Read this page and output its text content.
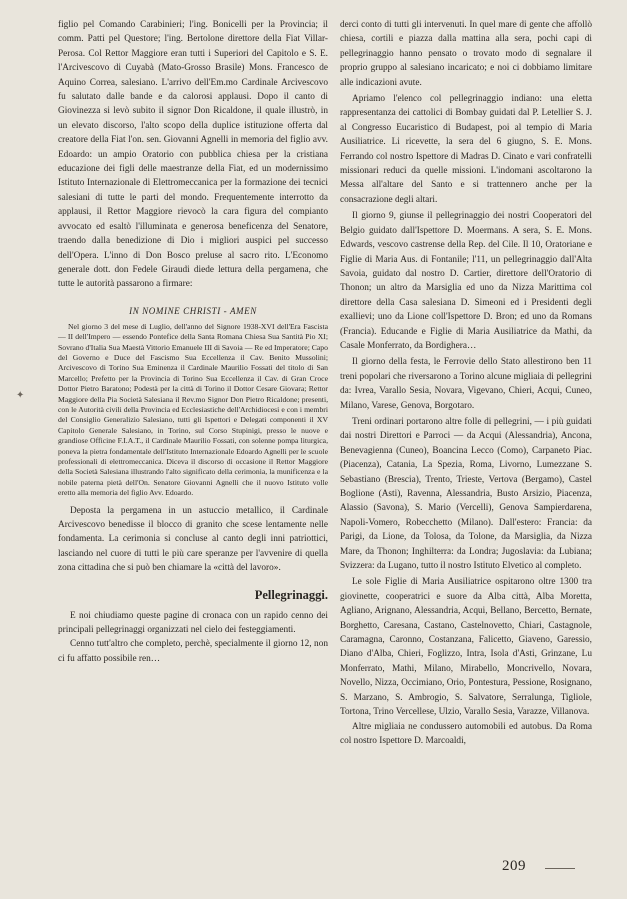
✦

figlio pel Comando Carabinieri; l'ing. Bonicelli per la Provincia; il comm. Patti pel Questore; l'ing. Bertolone direttore della Fiat Villar-Perosa. Col Rettor Maggiore eran tutti i Superiori del Capitolo e S. E. l'Arcivescovo di Cuyabà (Mato-Grosso Brasile) Mons. Francesco de Aquino Correa, salesiano. L'arrivo dell'Em.mo Cardinale Arcivescovo fu salutato dalle bande e da calorosi applausi. Dopo il canto di Giovinezza si levò subito il signor Don Ricaldone, il quale illustrò, in un elevato discorso, l'alto scopo della duplice istituzione offerta dal creatore della Fiat l'on. sen. Giovanni Agnelli in memoria del figlio avv. Edoardo: un ampio Oratorio con pubblica chiesa per la cristiana educazione dei figli delle maestranze della Fiat, ed un modernissimo Istituto Internazionale di Elettromeccanica per la formazione dei tecnici salesiani di tutte le parti del mondo. Frequentemente interrotto da applausi, il Rettor Maggiore rievocò la cara figura del compianto avvocato ed esaltò l'illuminata e generosa beneficenza del Senatore, traendo dalla benedizione di Dio i migliori auspici pel successo dell'Opera. L'inno di Don Bosco preluse al sacro rito. L'Economo generale dott. don Fedele Giraudi diede lettura della pergamena, che tutte le autorità passarono a firmare:

IN NOMINE CHRISTI - AMEN

Nel giorno 3 del mese di Luglio, dell'anno del Signore 1938-XVI dell'Era Fascista — II dell'Impero — essendo Pontefice della Santa Romana Chiesa Sua Santità Pio XI; Sovrano d'Italia Sua Maestà Vittorio Emanuele III di Savoia — Re ed Imperatore; Capo del Governo e Duce del Fascismo Sua Eccellenza il Cav. Benito Mussolini; Arcivescovo di Torino Sua Eminenza il Cardinale Maurilio Fossati del titolo di San Marcello; Prefetto per la Provincia di Torino Sua Eccellenza il Cav. di Gran Croce Dottor Pietro Baratono; Podestà per la città di Torino il Dottor Cesare Giovara; Rettor Maggiore della Pia Società Salesiana il Rev.mo Signor Don Pietro Ricaldone; presenti, con le Autorità civili della Provincia ed Ecclesiastiche dell'Archidiocesi e con i membri del Consiglio Generalizio Salesiano, tutti gli Ispettori e Delegati componenti il XV Capitolo Generale Salesiano, in Torino, sul Corso Stupinigi, presso le nuove e grandiose Officine F.I.A.T., il Cardinale Maurilio Fossati, con solenne pompa liturgica, poneva la pietra fondamentale dell'Istituto Internazionale Edoardo Agnelli per le scuole professionali di elettromeccanica. Diceva il discorso di occasione il Rettor Maggiore della Società Salesiana illustrando l'alto significato della cerimonia, la munificenza e la nobile paterna pietà dell'On. Senatore Giovanni Agnelli che il nuovo Istituto volle eretto alla memoria del figlio Avv. Edoardo.

Deposta la pergamena in un astuccio metallico, il Cardinale Arcivescovo benedisse il blocco di granito che scese lentamente nelle fondamenta. La cerimonia si concluse al canto degli inni patriottici, lasciando nel cuore di tutti le più care speranze per l'avvenire di quella zona cittadina che si può ben chiamare la «città del lavoro».

Pellegrinaggi.

E noi chiudiamo queste pagine di cronaca con un rapido cenno dei principali pellegrinaggi organizzati nel cielo dei festeggiamenti.

Cenno tutt'altro che completo, perchè, specialmente il giorno 12, non ci fu affatto possibile ren…

derci conto di tutti gli intervenuti. In quel mare di gente che affollò chiesa, cortili e piazza dalla mattina alla sera, pochi capi di pellegrinaggio hanno pensato o trovato modo di segnalare il proprio gruppo al salesiano incaricato; e noi ci dobbiamo limitare alle indicazioni avute.

Apriamo l'elenco col pellegrinaggio indiano: una eletta rappresentanza dei cattolici di Bombay guidati dal P. Letellier S. J. al Congresso Eucaristico di Budapest, poi al tempio di Maria Ausiliatrice. Li ricevette, la sera del 6 giugno, S. E. Mons. Ferrando col nostro Ispettore di Madras D. Cinato e vari confratelli missionari reduci da quelle missioni. L'indomani ascoltarono la Messa all'altare del Santo e si trattennero anche per la consacrazione degli altari.

Il giorno 9, giunse il pellegrinaggio dei nostri Cooperatori del Belgio guidato dall'Ispettore D. Moermans. A sera, S. E. Mons. Edwards, vescovo castrense della Rep. del Cile. Il 10, Oratoriane e Figlie di Maria Aus. di Fontanile; l'11, un pellegrinaggio dall'Alta Savoia, guidato dal nostro D. Cartier, direttore dell'Oratorio di Thonon; un altro da Marsiglia ed uno da Nizza Marittima col direttore della Casa salesiana D. Simeoni ed i Presidenti degli exallievi; uno da Lione coll'Ispettore D. Bron; ed uno da Romans (Francia). Educande e Figlie di Maria Ausiliatrice da Mathi, da Casale Monferrato, da Bordighera…

Il giorno della festa, le Ferrovie dello Stato allestirono ben 11 treni popolari che riversarono a Torino alcune migliaia di pellegrini da: Ivrea, Varallo Sesia, Novara, Vigevano, Chieri, Acqui, Cuneo, Milano, Varese, Genova, Borgotaro.

Treni ordinari portarono altre folle di pellegrini, — i più guidati dai nostri Direttori e Parroci — da Acqui (Alessandria), Ancona, Benevagienna (Cuneo), Boancina Lecco (Como), Carpaneto Piac. (Piacenza), Catania, La Spezia, Roma, Livorno, Lumezzane S. Sebastiano (Brescia), Trento, Trieste, Vertova (Bergamo), Castel Boglione (Asti), Ravenna, Alessandria, Busto Arsizio, Piacenza, Alassio (Savona), S. Mario (Vercelli), Genova Sampierdarena, Napoli-Vomero, Robecchetto (Milano). Dall'estero: Francia: da Parigi, da Lione, da Tolosa, da Tolone, da Marsiglia, da Nizza Mare, da Thonon; Inghilterra: da Londra; Jugoslavia: da Lubiana; Svizzera: da Lugano, tutto il nostro Istituto Elvetico al completo.

Le sole Figlie di Maria Ausiliatrice ospitarono oltre 1300 tra giovinette, cooperatrici e suore da Alba città, Alba Moretta, Agliano, Arignano, Alessandria, Acqui, Bellano, Bercetto, Bernate, Borghetto, Caresana, Castano, Castelnovetto, Chiari, Castagnole, Caramagna, Caronno, Costanzana, Falicetto, Giaveno, Garessio, Diano d'Alba, Chieri, Foglizzo, Intra, Isola d'Asti, Grinzane, Lu Monferrato, Mathi, Milano, Mirabello, Moncrivello, Novara, Novello, Nizza, Occimiano, Orio, Pontestura, Pessione, Rosignano, S. Marzano, S. Ambrogio, S. Salvatore, Serralunga, Tigliole, Tortona, Trino Vercellese, Ulzio, Varallo Sesia, Varazze, Villanova.

Altre migliaia ne condussero automobili ed autobus. Da Roma col nostro Ispettore D. Marcoaldi,

209
